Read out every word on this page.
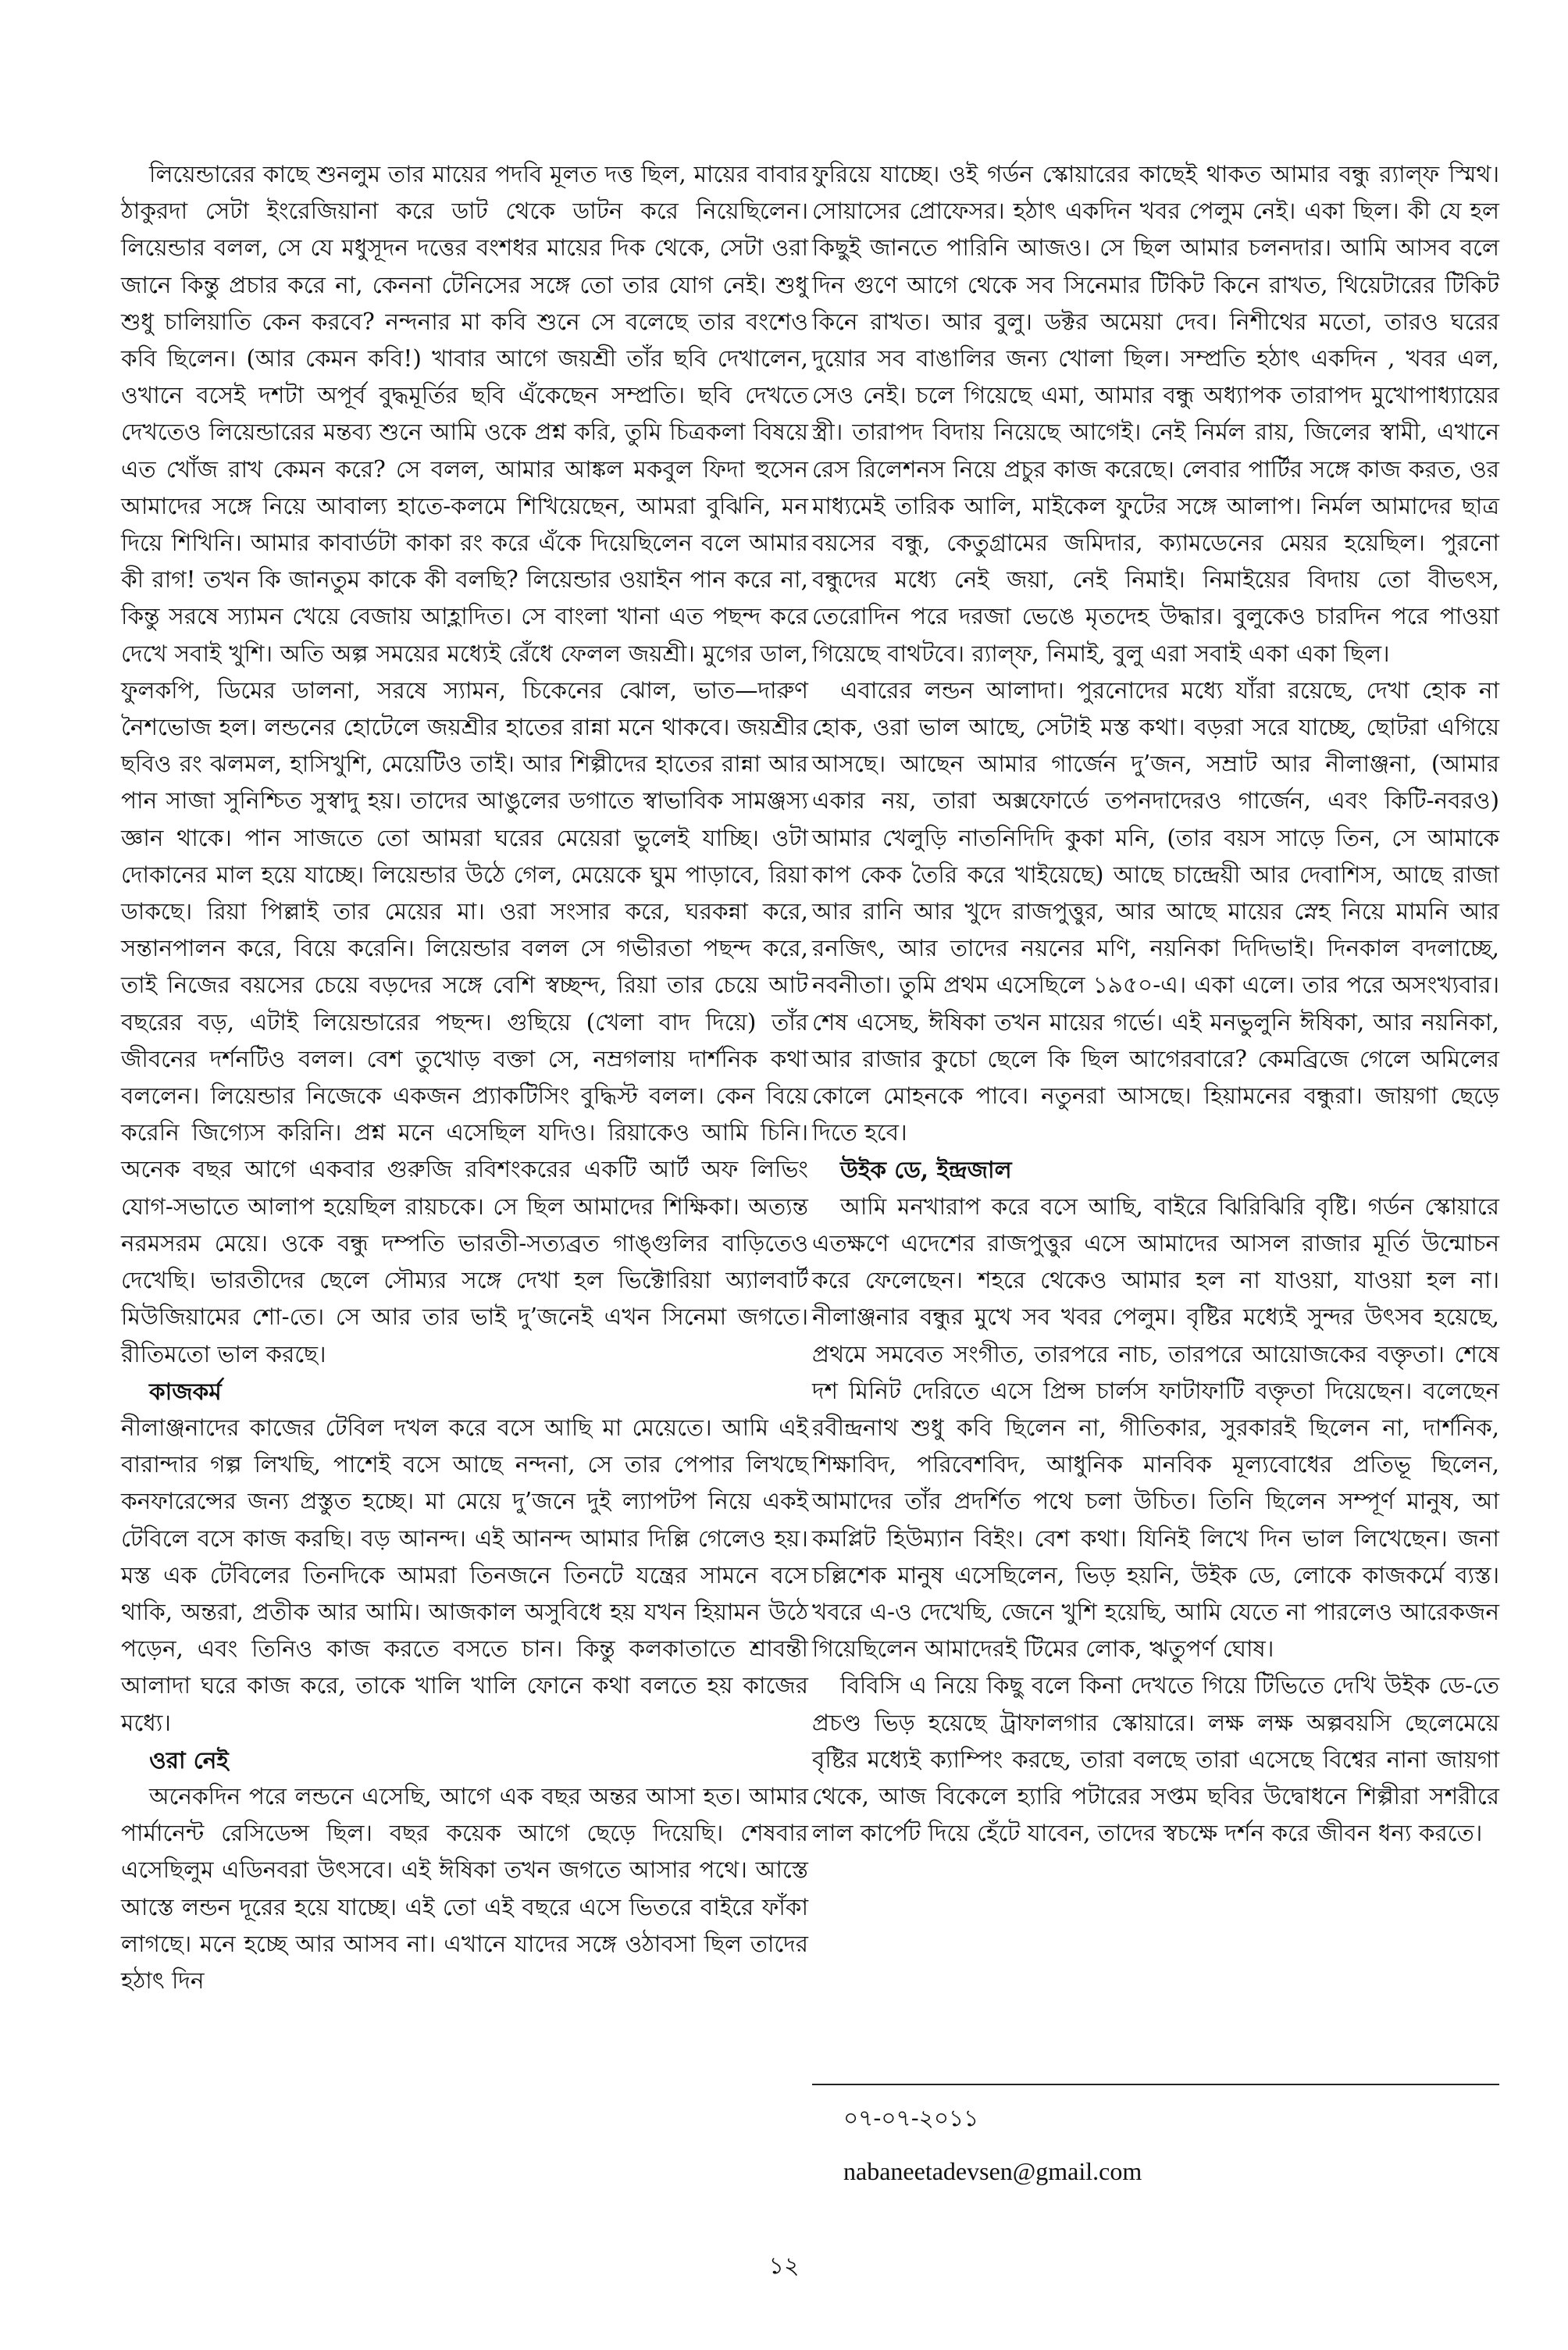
লিয়েন্ডারের কাছে শুনলুম তার মায়ের পদবি মূলত দত্ত ছিল, মায়ের বাবার ঠাকুরদা সেটা ইংরেজিয়ানা করে ডাট থেকে ডাটন করে নিয়েছিলেন। লিয়েন্ডার বলল, সে যে মধুসূদন দত্তের বংশধর মায়ের দিক থেকে, সেটা ওরা জানে কিন্তু প্রচার করে না, কেননা টেনিসের সঙ্গে তো তার যোগ নেই। শুধু শুধু চালিয়াতি কেন করবে? নন্দনার মা কবি শুনে সে বলেছে তার বংশেও কবি ছিলেন। (আর কেমন কবি!) খাবার আগে জয়শ্রী তাঁর ছবি দেখালেন, ওখানে বসেই দশটা অপূর্ব বুদ্ধমূর্তির ছবি এঁকেছেন সম্প্রতি। ছবি দেখতে দেখতেও লিয়েন্ডারের মন্তব্য শুনে আমি ওকে প্রশ্ন করি, তুমি চিত্রকলা বিষয়ে এত খোঁজ রাখ কেমন করে? সে বলল, আমার আঙ্কল মকবুল ফিদা হুসেন আমাদের সঙ্গে নিয়ে আবাল্য হাতে-কলমে শিখিয়েছেন, আমরা বুঝিনি, মন দিয়ে শিখিনি। আমার কাবার্ডটা কাকা রং করে এঁকে দিয়েছিলেন বলে আমার কী রাগ! তখন কি জানতুম কাকে কী বলছি? লিয়েন্ডার ওয়াইন পান করে না, কিন্তু সরষে স্যামন খেয়ে বেজায় আহ্লাদিত। সে বাংলা খানা এত পছন্দ করে দেখে সবাই খুশি। অতি অল্প সময়ের মধ্যেই রেঁধে ফেলল জয়শ্রী। মুগের ডাল, ফুলকপি, ডিমের ডালনা, সরষে স্যামন, চিকেনের ঝোল, ভাত—দারুণ নৈশভোজ হল। লন্ডনের হোটেলে জয়শ্রীর হাতের রান্না মনে থাকবে। জয়শ্রীর ছবিও রং ঝলমল, হাসিখুশি, মেয়েটিও তাই। আর শিল্পীদের হাতের রান্না আর পান সাজা সুনিশ্চিত সুস্বাদু হয়। তাদের আঙুলের ডগাতে স্বাভাবিক সামঞ্জস্য জ্ঞান থাকে। পান সাজতে তো আমরা ঘরের মেয়েরা ভুলেই যাচ্ছি। ওটা দোকানের মাল হয়ে যাচ্ছে। লিয়েন্ডার উঠে গেল, মেয়েকে ঘুম পাড়াবে, রিয়া ডাকছে। রিয়া পিল্লাই তার মেয়ের মা। ওরা সংসার করে, ঘরকন্না করে, সন্তানপালন করে, বিয়ে করেনি। লিয়েন্ডার বলল সে গভীরতা পছন্দ করে, তাই নিজের বয়সের চেয়ে বড়দের সঙ্গে বেশি স্বচ্ছন্দ, রিয়া তার চেয়ে আট বছরের বড়, এটাই লিয়েন্ডারের পছন্দ। গুছিয়ে (খেলা বাদ দিয়ে) তাঁর জীবনের দর্শনটিও বলল। বেশ তুখোড় বক্তা সে, নম্রগলায় দার্শনিক কথা বললেন। লিয়েন্ডার নিজেকে একজন প্র্যাকটিসিং বুদ্ধিস্ট বলল। কেন বিয়ে করেনি জিগ্যেস করিনি। প্রশ্ন মনে এসেছিল যদিও। রিয়াকেও আমি চিনি। অনেক বছর আগে একবার গুরুজি রবিশংকরের একটি আর্ট অফ লিভিং যোগ-সভাতে আলাপ হয়েছিল রায়চকে। সে ছিল আমাদের শিক্ষিকা। অত্যন্ত নরমসরম মেয়ে। ওকে বন্ধু দম্পতি ভারতী-সত্যব্রত গাঙ্গুলির বাড়িতেও দেখেছি। ভারতীদের ছেলে সৌম্যর সঙ্গে দেখা হল ভিক্টোরিয়া অ্যালবার্ট মিউজিয়ামের শো-তে। সে আর তার ভাই দু’জনেই এখন সিনেমা জগতে। রীতিমতো ভাল করছে।

কাজকর্ম

নীলাঞ্জনাদের কাজের টেবিল দখল করে বসে আছি মা মেয়েতে। আমি এই বারান্দার গল্প লিখছি, পাশেই বসে আছে নন্দনা, সে তার পেপার লিখছে কনফারেন্সের জন্য প্রস্তুত হচ্ছে। মা মেয়ে দু’জনে দুই ল্যাপটপ নিয়ে একই টেবিলে বসে কাজ করছি। বড় আনন্দ। এই আনন্দ আমার দিল্লি গেলেও হয়। মস্ত এক টেবিলের তিনদিকে আমরা তিনজনে তিনটে যন্ত্রের সামনে বসে থাকি, অন্তরা, প্রতীক আর আমি। আজকাল অসুবিধে হয় যখন হিয়ামন উঠে পড়েন, এবং তিনিও কাজ করতে বসতে চান। কিন্তু কলকাতাতে শ্রাবন্তী আলাদা ঘরে কাজ করে, তাকে খালি খালি ফোনে কথা বলতে হয় কাজের মধ্যে।

ওরা নেই

অনেকদিন পরে লন্ডনে এসেছি, আগে এক বছর অন্তর আসা হত। আমার পার্মানেন্ট রেসিডেন্স ছিল। বছর কয়েক আগে ছেড়ে দিয়েছি। শেষবার এসেছিলুম এডিনবরা উৎসবে। এই ঈষিকা তখন জগতে আসার পথে। আস্তে আস্তে লন্ডন দূরের হয়ে যাচ্ছে। এই তো এই বছরে এসে ভিতরে বাইরে ফাঁকা লাগছে। মনে হচ্ছে আর আসব না। এখানে যাদের সঙ্গে ওঠাবসা ছিল তাদের হঠাৎ দিন

ফুরিয়ে যাচ্ছে। ওই গর্ডন স্কোয়ারের কাছেই থাকত আমার বন্ধু র‍্যাল্‌ফ স্মিথ। সোয়াসের প্রোফেসর। হঠাৎ একদিন খবর পেলুম নেই। একা ছিল। কী যে হল কিছুই জানতে পারিনি আজও। সে ছিল আমার চলনদার। আমি আসব বলে দিন গুণে আগে থেকে সব সিনেমার টিকিট কিনে রাখত, থিয়েটারের টিকিট কিনে রাখত। আর বুলু। ডক্টর অমেয়া দেব। নিশীথের মতো, তারও ঘরের দুয়োর সব বাঙালির জন্য খোলা ছিল। সম্প্রতি হঠাৎ একদিন , খবর এল, সেও নেই। চলে গিয়েছে এমা, আমার বন্ধু অধ্যাপক তারাপদ মুখোপাধ্যায়ের স্ত্রী। তারাপদ বিদায় নিয়েছে আগেই। নেই নির্মল রায়, জিলের স্বামী, এখানে রেস রিলেশনস নিয়ে প্রচুর কাজ করেছে। লেবার পার্টির সঙ্গে কাজ করত, ওর মাধ্যমেই তারিক আলি, মাইকেল ফুটের সঙ্গে আলাপ। নির্মল আমাদের ছাত্র বয়সের বন্ধু, কেতুগ্রামের জমিদার, ক্যামডেনের মেয়র হয়েছিল। পুরনো বন্ধুদের মধ্যে নেই জয়া, নেই নিমাই। নিমাইয়ের বিদায় তো বীভৎস, তেরোদিন পরে দরজা ভেঙে মৃতদেহ উদ্ধার। বুলুকেও চারদিন পরে পাওয়া গিয়েছে বাথটবে। র‍্যাল্‌ফ, নিমাই, বুলু এরা সবাই একা একা ছিল।

এবারের লন্ডন আলাদা। পুরনোদের মধ্যে যাঁরা রয়েছে, দেখা হোক না হোক, ওরা ভাল আছে, সেটাই মস্ত কথা। বড়রা সরে যাচ্ছে, ছোটরা এগিয়ে আসছে। আছেন আমার গার্জেন দু’জন, সম্রাট আর নীলাঞ্জনা, (আমার একার নয়, তারা অক্সফোর্ডে তপনদাদেরও গার্জেন, এবং কিটি-নবরও) আমার খেলুড়ি নাতনিদিদি কুকা মনি, (তার বয়স সাড়ে তিন, সে আমাকে কাপ কেক তৈরি করে খাইয়েছে) আছে চান্দ্রেয়ী আর দেবাশিস, আছে রাজা আর রানি আর খুদে রাজপুত্তুর, আর আছে মায়ের স্নেহ নিয়ে মামনি আর রনজিৎ, আর তাদের নয়নের মণি, নয়নিকা দিদিভাই। দিনকাল বদলাচ্ছে, নবনীতা। তুমি প্রথম এসেছিলে ১৯৫০-এ। একা এলে। তার পরে অসংখ্যবার। শেষ এসেছ, ঈষিকা তখন মায়ের গর্ভে। এই মনভুলুনি ঈষিকা, আর নয়নিকা, আর রাজার কুচো ছেলে কি ছিল আগেরবারে? কেমব্রিজে গেলে অমিলের কোলে মোহনকে পাবে। নতুনরা আসছে। হিয়ামনের বন্ধুরা। জায়গা ছেড়ে দিতে হবে।

উইক ডে, ইন্দ্রজাল

আমি মনখারাপ করে বসে আছি, বাইরে ঝিরিঝিরি বৃষ্টি। গর্ডন স্কোয়ারে এতক্ষণে এদেশের রাজপুত্তুর এসে আমাদের আসল রাজার মূর্তি উন্মোচন করে ফেলেছেন। শহরে থেকেও আমার হল না যাওয়া, যাওয়া হল না। নীলাঞ্জনার বন্ধুর মুখে সব খবর পেলুম। বৃষ্টির মধ্যেই সুন্দর উৎসব হয়েছে, প্রথমে সমবেত সংগীত, তারপরে নাচ, তারপরে আয়োজকের বক্তৃতা। শেষে দশ মিনিট দেরিতে এসে প্রিন্স চার্লস ফাটাফাটি বক্তৃতা দিয়েছেন। বলেছেন রবীন্দ্রনাথ শুধু কবি ছিলেন না, গীতিকার, সুরকারই ছিলেন না, দার্শনিক, শিক্ষাবিদ, পরিবেশবিদ, আধুনিক মানবিক মূল্যবোধের প্রতিভূ ছিলেন, আমাদের তাঁর প্রদর্শিত পথে চলা উচিত। তিনি ছিলেন সম্পূর্ণ মানুষ, আ কমপ্লিট হিউম্যান বিইং। বেশ কথা। যিনিই লিখে দিন ভাল লিখেছেন। জনা চল্লিশেক মানুষ এসেছিলেন, ভিড় হয়নি, উইক ডে, লোকে কাজকর্মে ব্যস্ত। খবরে এ-ও দেখেছি, জেনে খুশি হয়েছি, আমি যেতে না পারলেও আরেকজন গিয়েছিলেন আমাদেরই টিমের লোক, ঋতুপর্ণ ঘোষ।

বিবিসি এ নিয়ে কিছু বলে কিনা দেখতে গিয়ে টিভিতে দেখি উইক ডে-তে প্রচণ্ড ভিড় হয়েছে ট্রাফালগার স্কোয়ারে। লক্ষ লক্ষ অল্পবয়সি ছেলেমেয়ে বৃষ্টির মধ্যেই ক্যাম্পিং করছে, তারা বলছে তারা এসেছে বিশ্বের নানা জায়গা থেকে, আজ বিকেলে হ্যারি পটারের সপ্তম ছবির উদ্বোধনে শিল্পীরা সশরীরে লাল কার্পেট দিয়ে হেঁটে যাবেন, তাদের স্বচক্ষে দর্শন করে জীবন ধন্য করতে।

০৭-০৭-২০১১
nabaneetadevsen@gmail.com
১২
